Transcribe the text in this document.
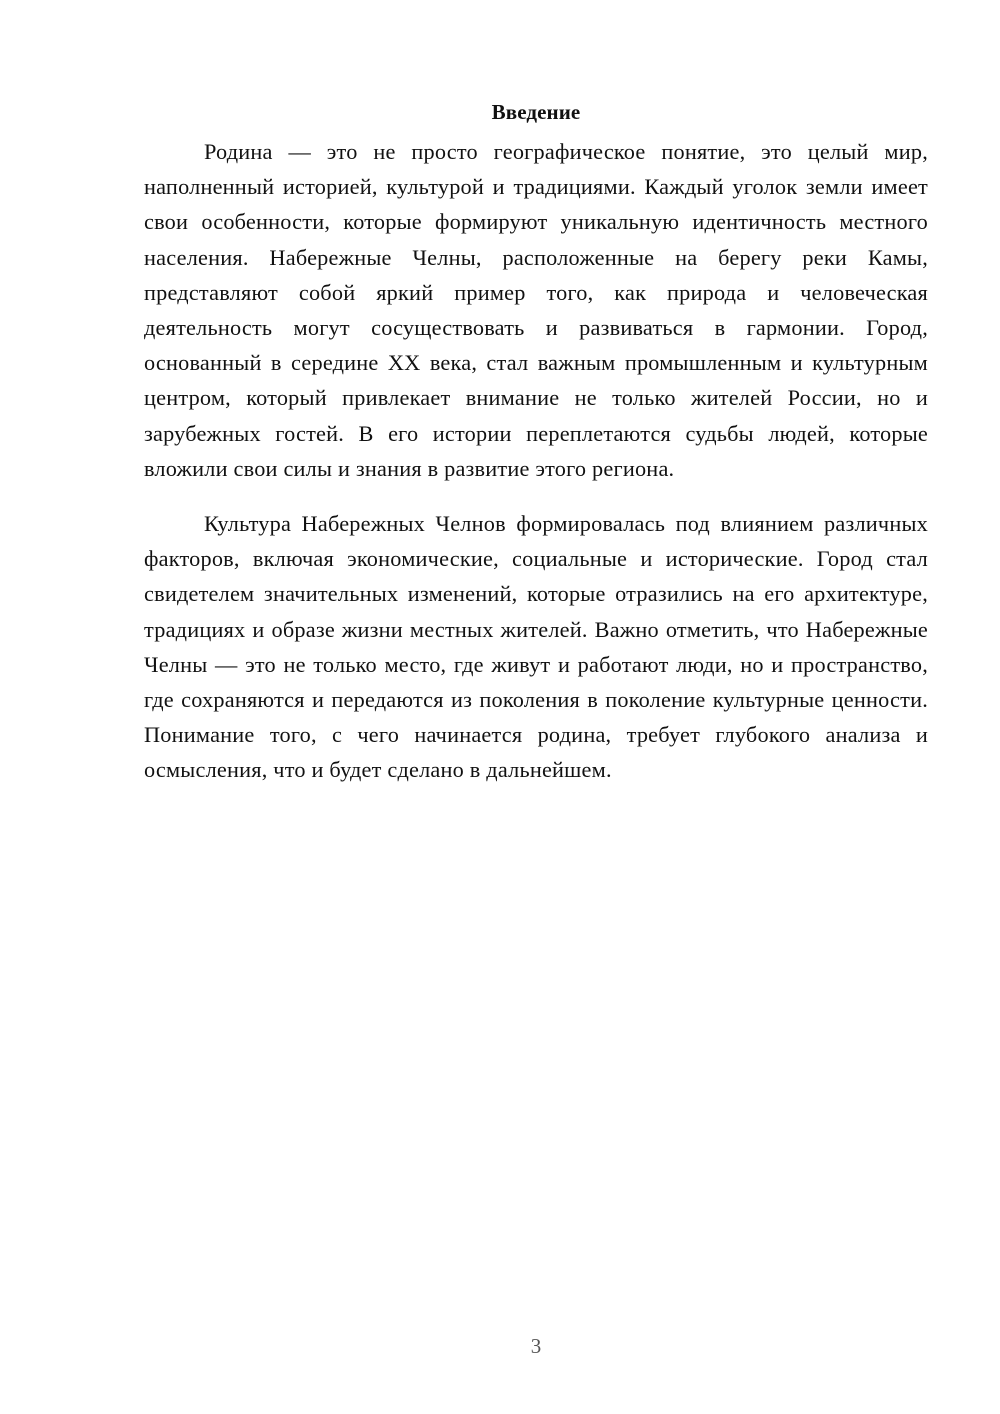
Введение

Родина — это не просто географическое понятие, это целый мир, наполненный историей, культурой и традициями. Каждый уголок земли имеет свои особенности, которые формируют уникальную идентичность местного населения. Набережные Челны, расположенные на берегу реки Камы, представляют собой яркий пример того, как природа и человеческая деятельность могут сосуществовать и развиваться в гармонии. Город, основанный в середине XX века, стал важным промышленным и культурным центром, который привлекает внимание не только жителей России, но и зарубежных гостей. В его истории переплетаются судьбы людей, которые вложили свои силы и знания в развитие этого региона.

Культура Набережных Челнов формировалась под влиянием различных факторов, включая экономические, социальные и исторические. Город стал свидетелем значительных изменений, которые отразились на его архитектуре, традициях и образе жизни местных жителей. Важно отметить, что Набережные Челны — это не только место, где живут и работают люди, но и пространство, где сохраняются и передаются из поколения в поколение культурные ценности. Понимание того, с чего начинается родина, требует глубокого анализа и осмысления, что и будет сделано в дальнейшем.

3
